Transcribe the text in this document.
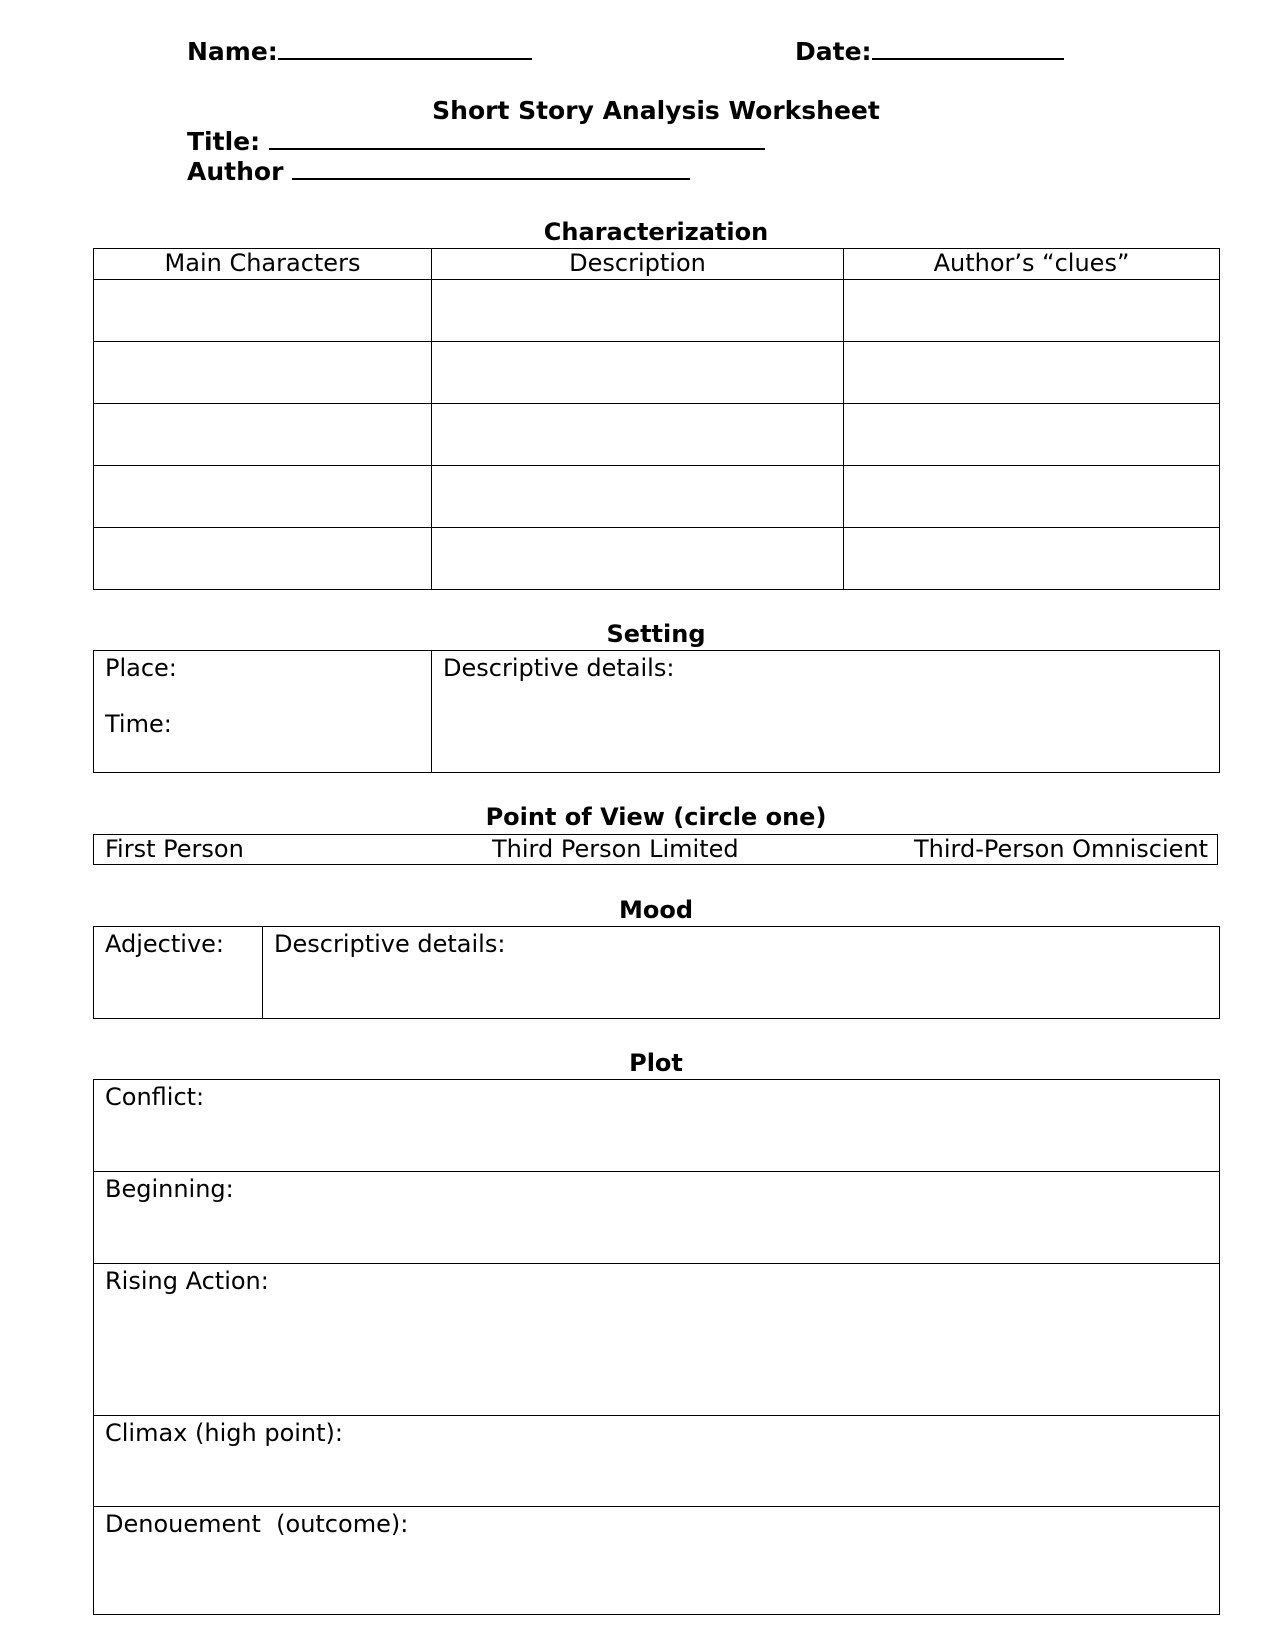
Name:	Date:
Short Story Analysis Worksheet
Title:
Author
Characterization
Main Characters	Description	Author’s “clues”

Setting
Place:
Time:

Descriptive details:
Point of View (circle one)
First Person	Third Person Limited	Third-Person Omniscient
Mood
Adjective:	Descriptive details:
Plot
Conflict:

Beginning:

Rising Action:

Climax (high point):

Denouement  (outcome):
